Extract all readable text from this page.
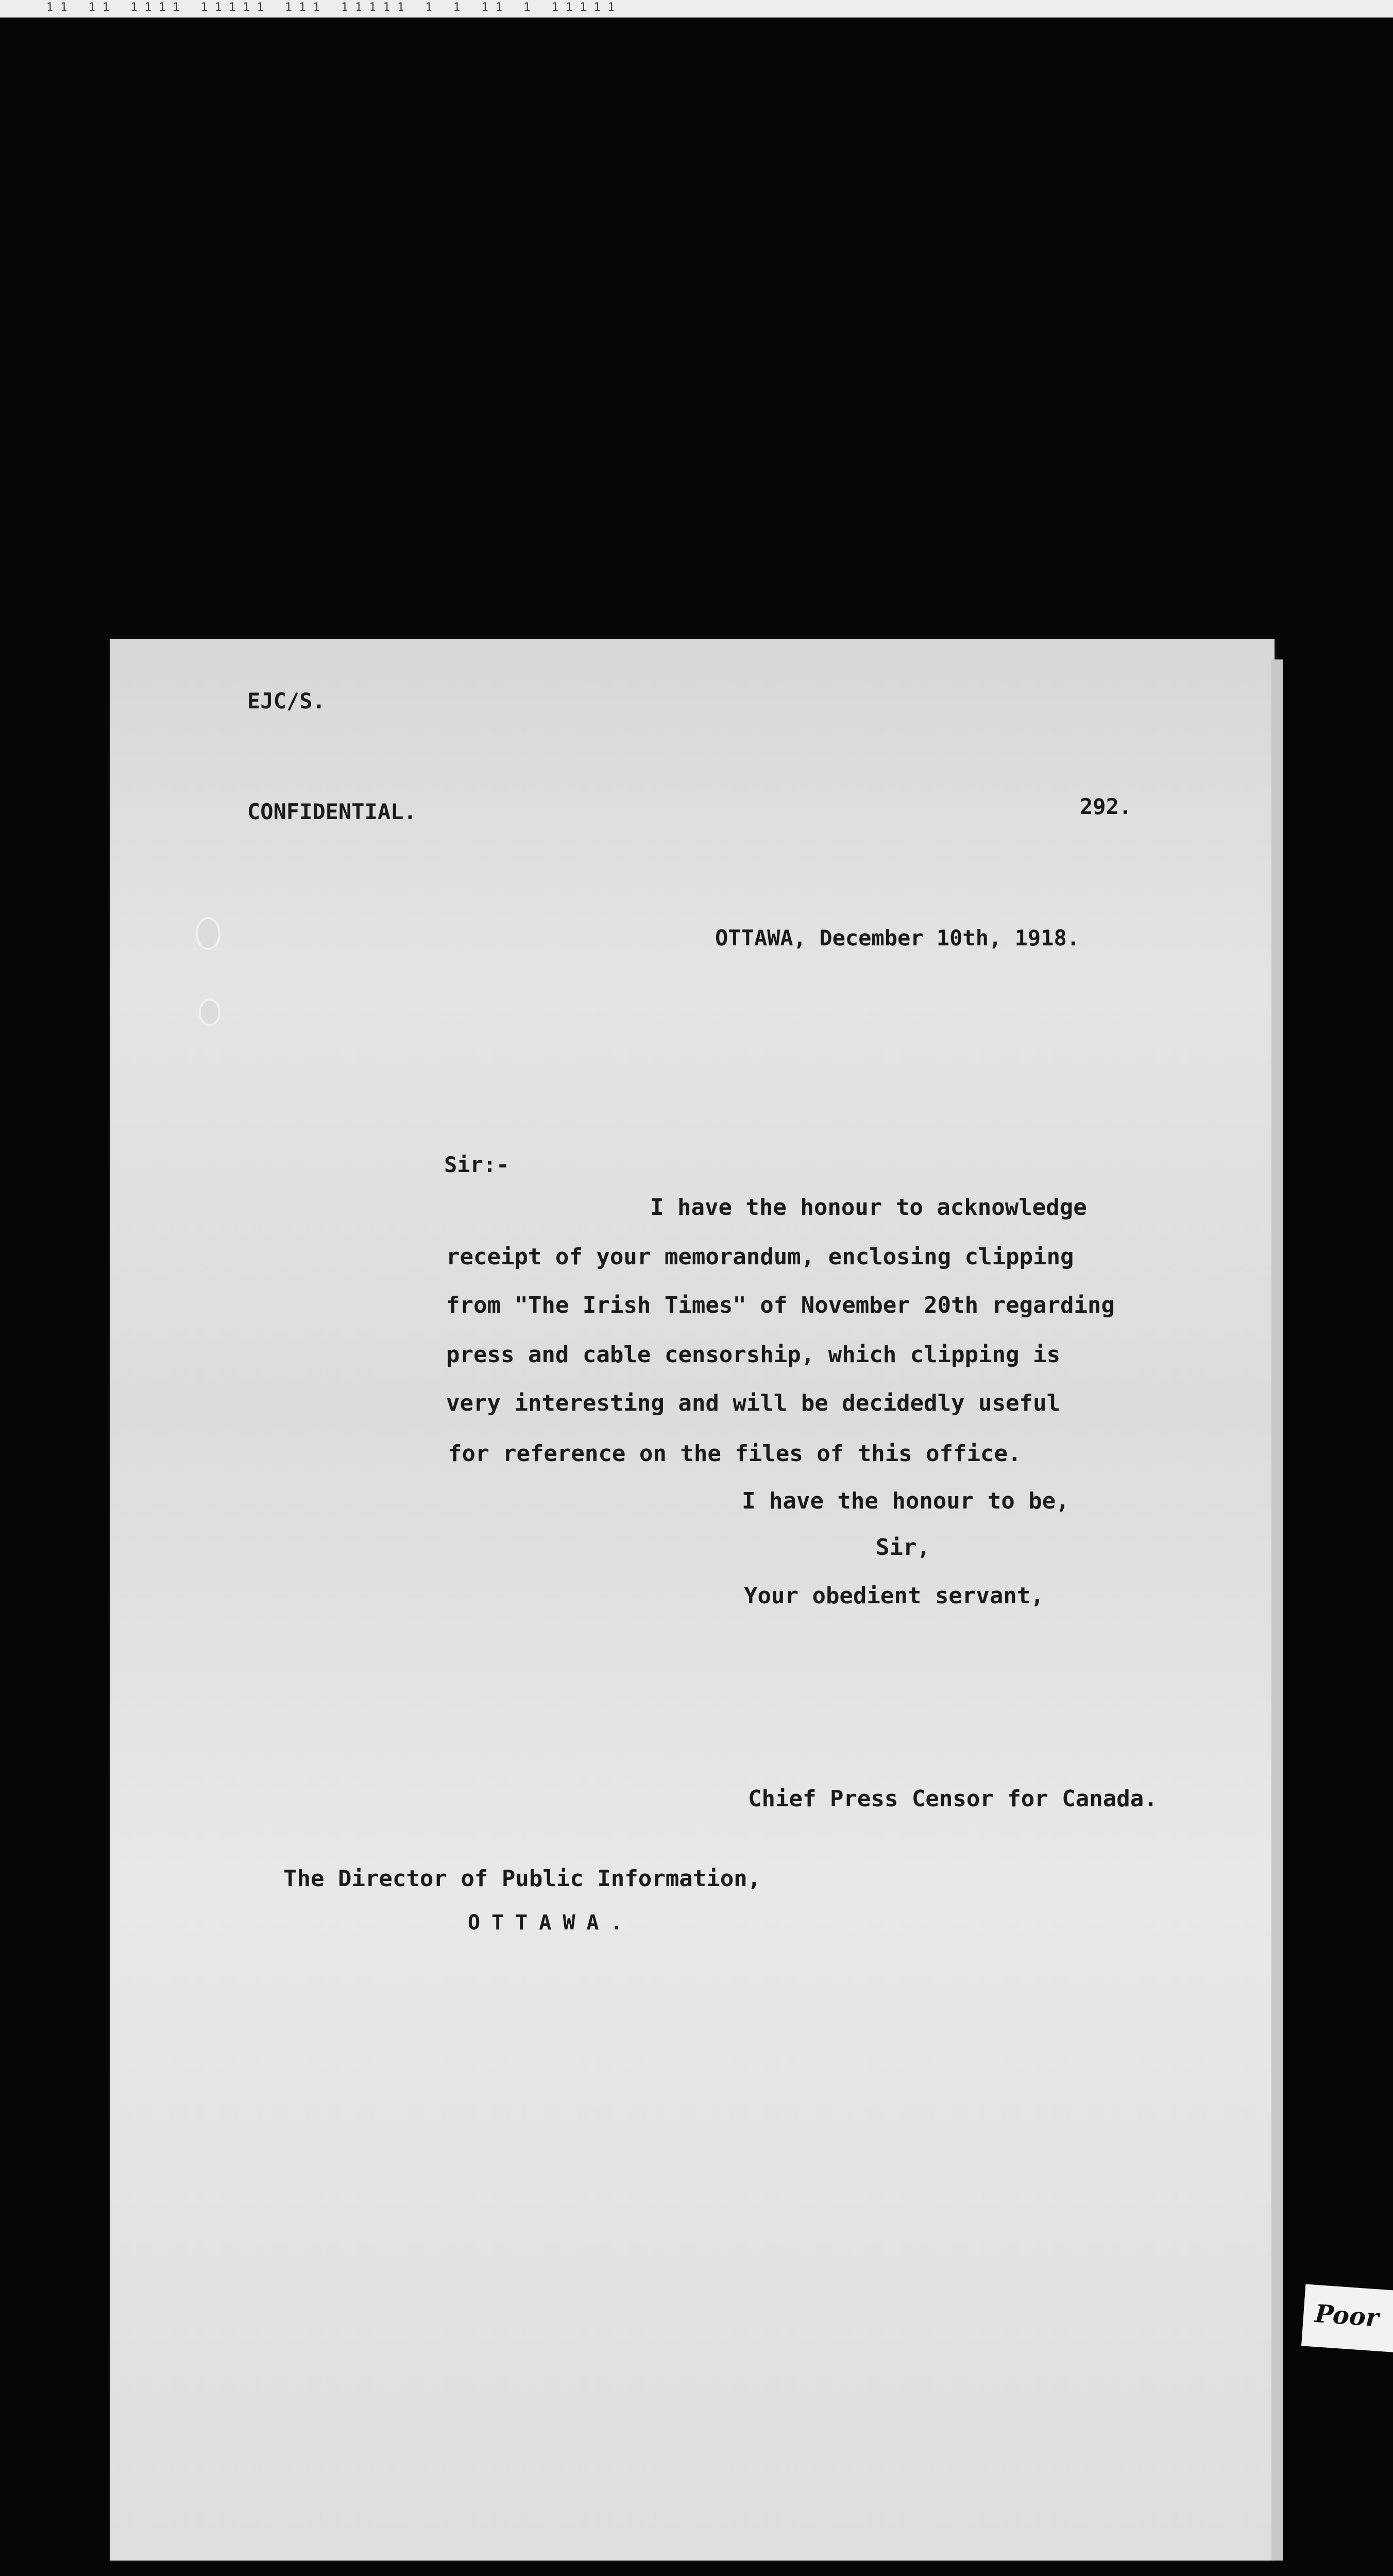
11 11 1111 11111 111 11111 1 1 11 1 11111
EJC/S.
CONFIDENTIAL.	292.
OTTAWA, December 10th, 1918.
Sir:-
I have the honour to acknowledge
receipt of your memorandum, enclosing clipping
from "The Irish Times" of November 20th regarding
press and cable censorship, which clipping is
very interesting and will be decidedly useful
for reference on the files of this office.
I have the honour to be,
Sir,
Your obedient servant,
Chief Press Censor for Canada.
The Director of Public Information,
OTTAWA.
Poor
